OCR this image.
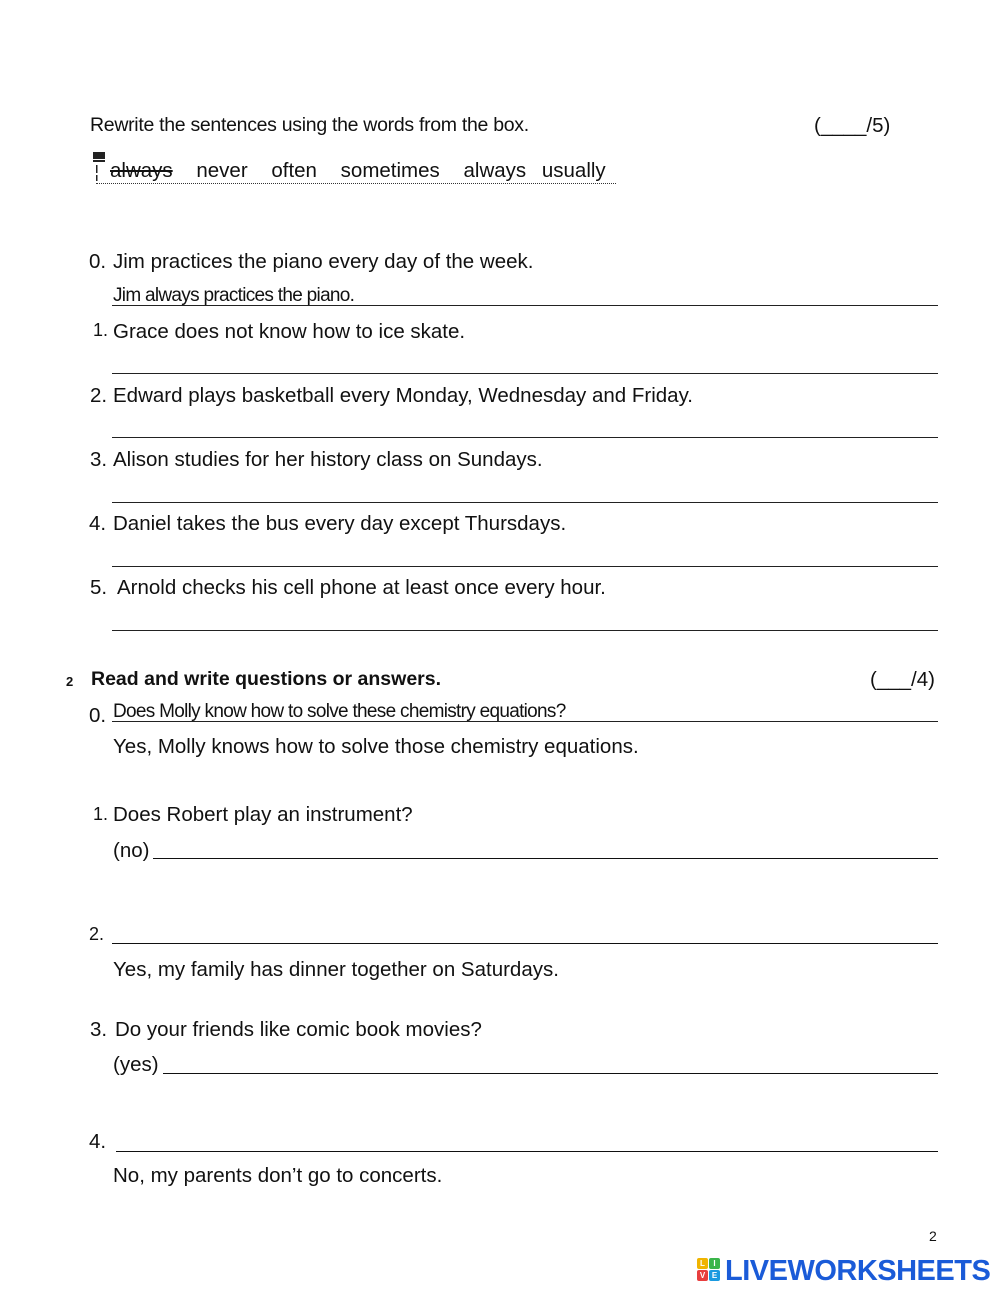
Rewrite the sentences using the words from the box.	(____/5)
always never often sometimes always usually
0. Jim practices the piano every day of the week.
Jim always practices the piano.
1. Grace does not know how to ice skate.
2. Edward plays basketball every Monday, Wednesday and Friday.
3. Alison studies for her history class on Sundays.
4. Daniel takes the bus every day except Thursdays.
5. Arnold checks his cell phone at least once every hour.
2 Read and write questions or answers.	(___/4)
0. Does Molly know how to solve these chemistry equations?
Yes, Molly knows how to solve those chemistry equations.
1. Does Robert play an instrument?
(no)
2.
Yes, my family has dinner together on Saturdays.
3. Do your friends like comic book movies?
(yes)
4.
No, my parents don’t go to concerts.
2
L	I
V E LIVEWORKSHEETS
